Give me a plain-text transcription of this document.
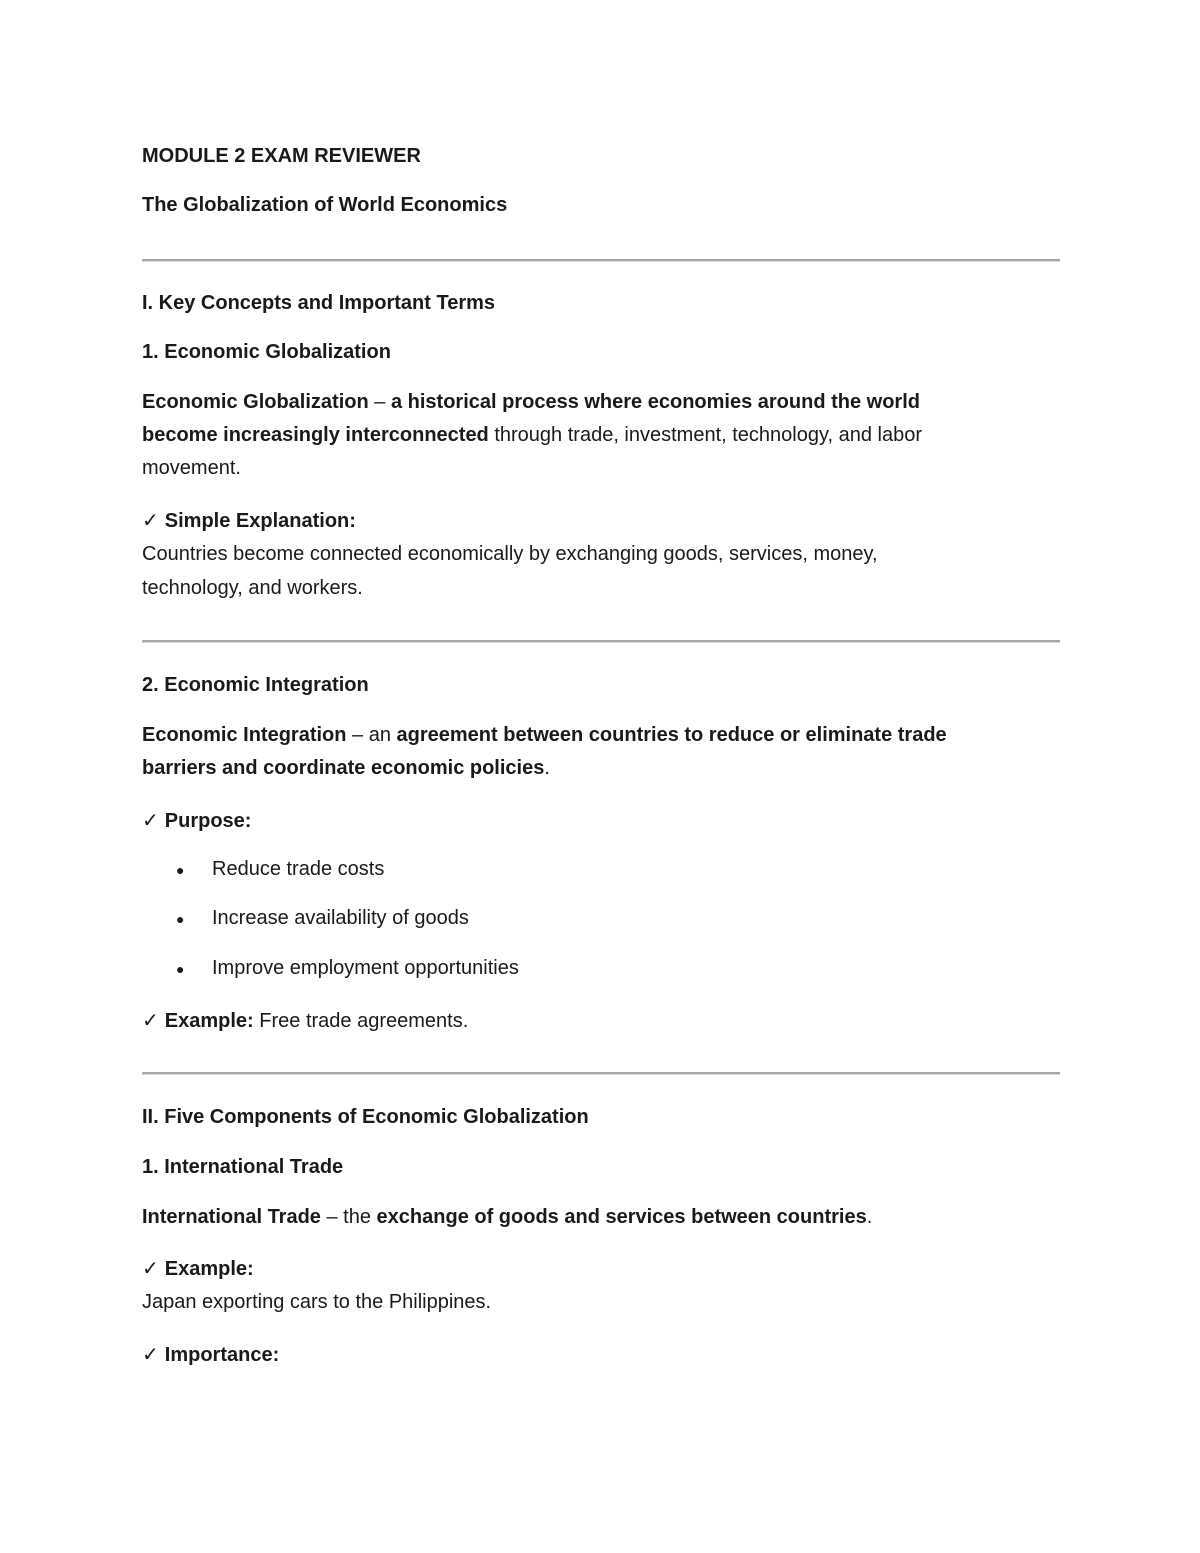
MODULE 2 EXAM REVIEWER
The Globalization of World Economics
I. Key Concepts and Important Terms
1. Economic Globalization
Economic Globalization – a historical process where economies around the world
become increasingly interconnected through trade, investment, technology, and labor
movement.
✓ Simple Explanation:
Countries become connected economically by exchanging goods, services, money,
technology, and workers.
2. Economic Integration
Economic Integration – an agreement between countries to reduce or eliminate trade
barriers and coordinate economic policies.
✓ Purpose:
● Reduce trade costs
● Increase availability of goods
● Improve employment opportunities
✓ Example: Free trade agreements.
II. Five Components of Economic Globalization
1. International Trade
International Trade – the exchange of goods and services between countries.
✓ Example:
Japan exporting cars to the Philippines.
✓ Importance:
